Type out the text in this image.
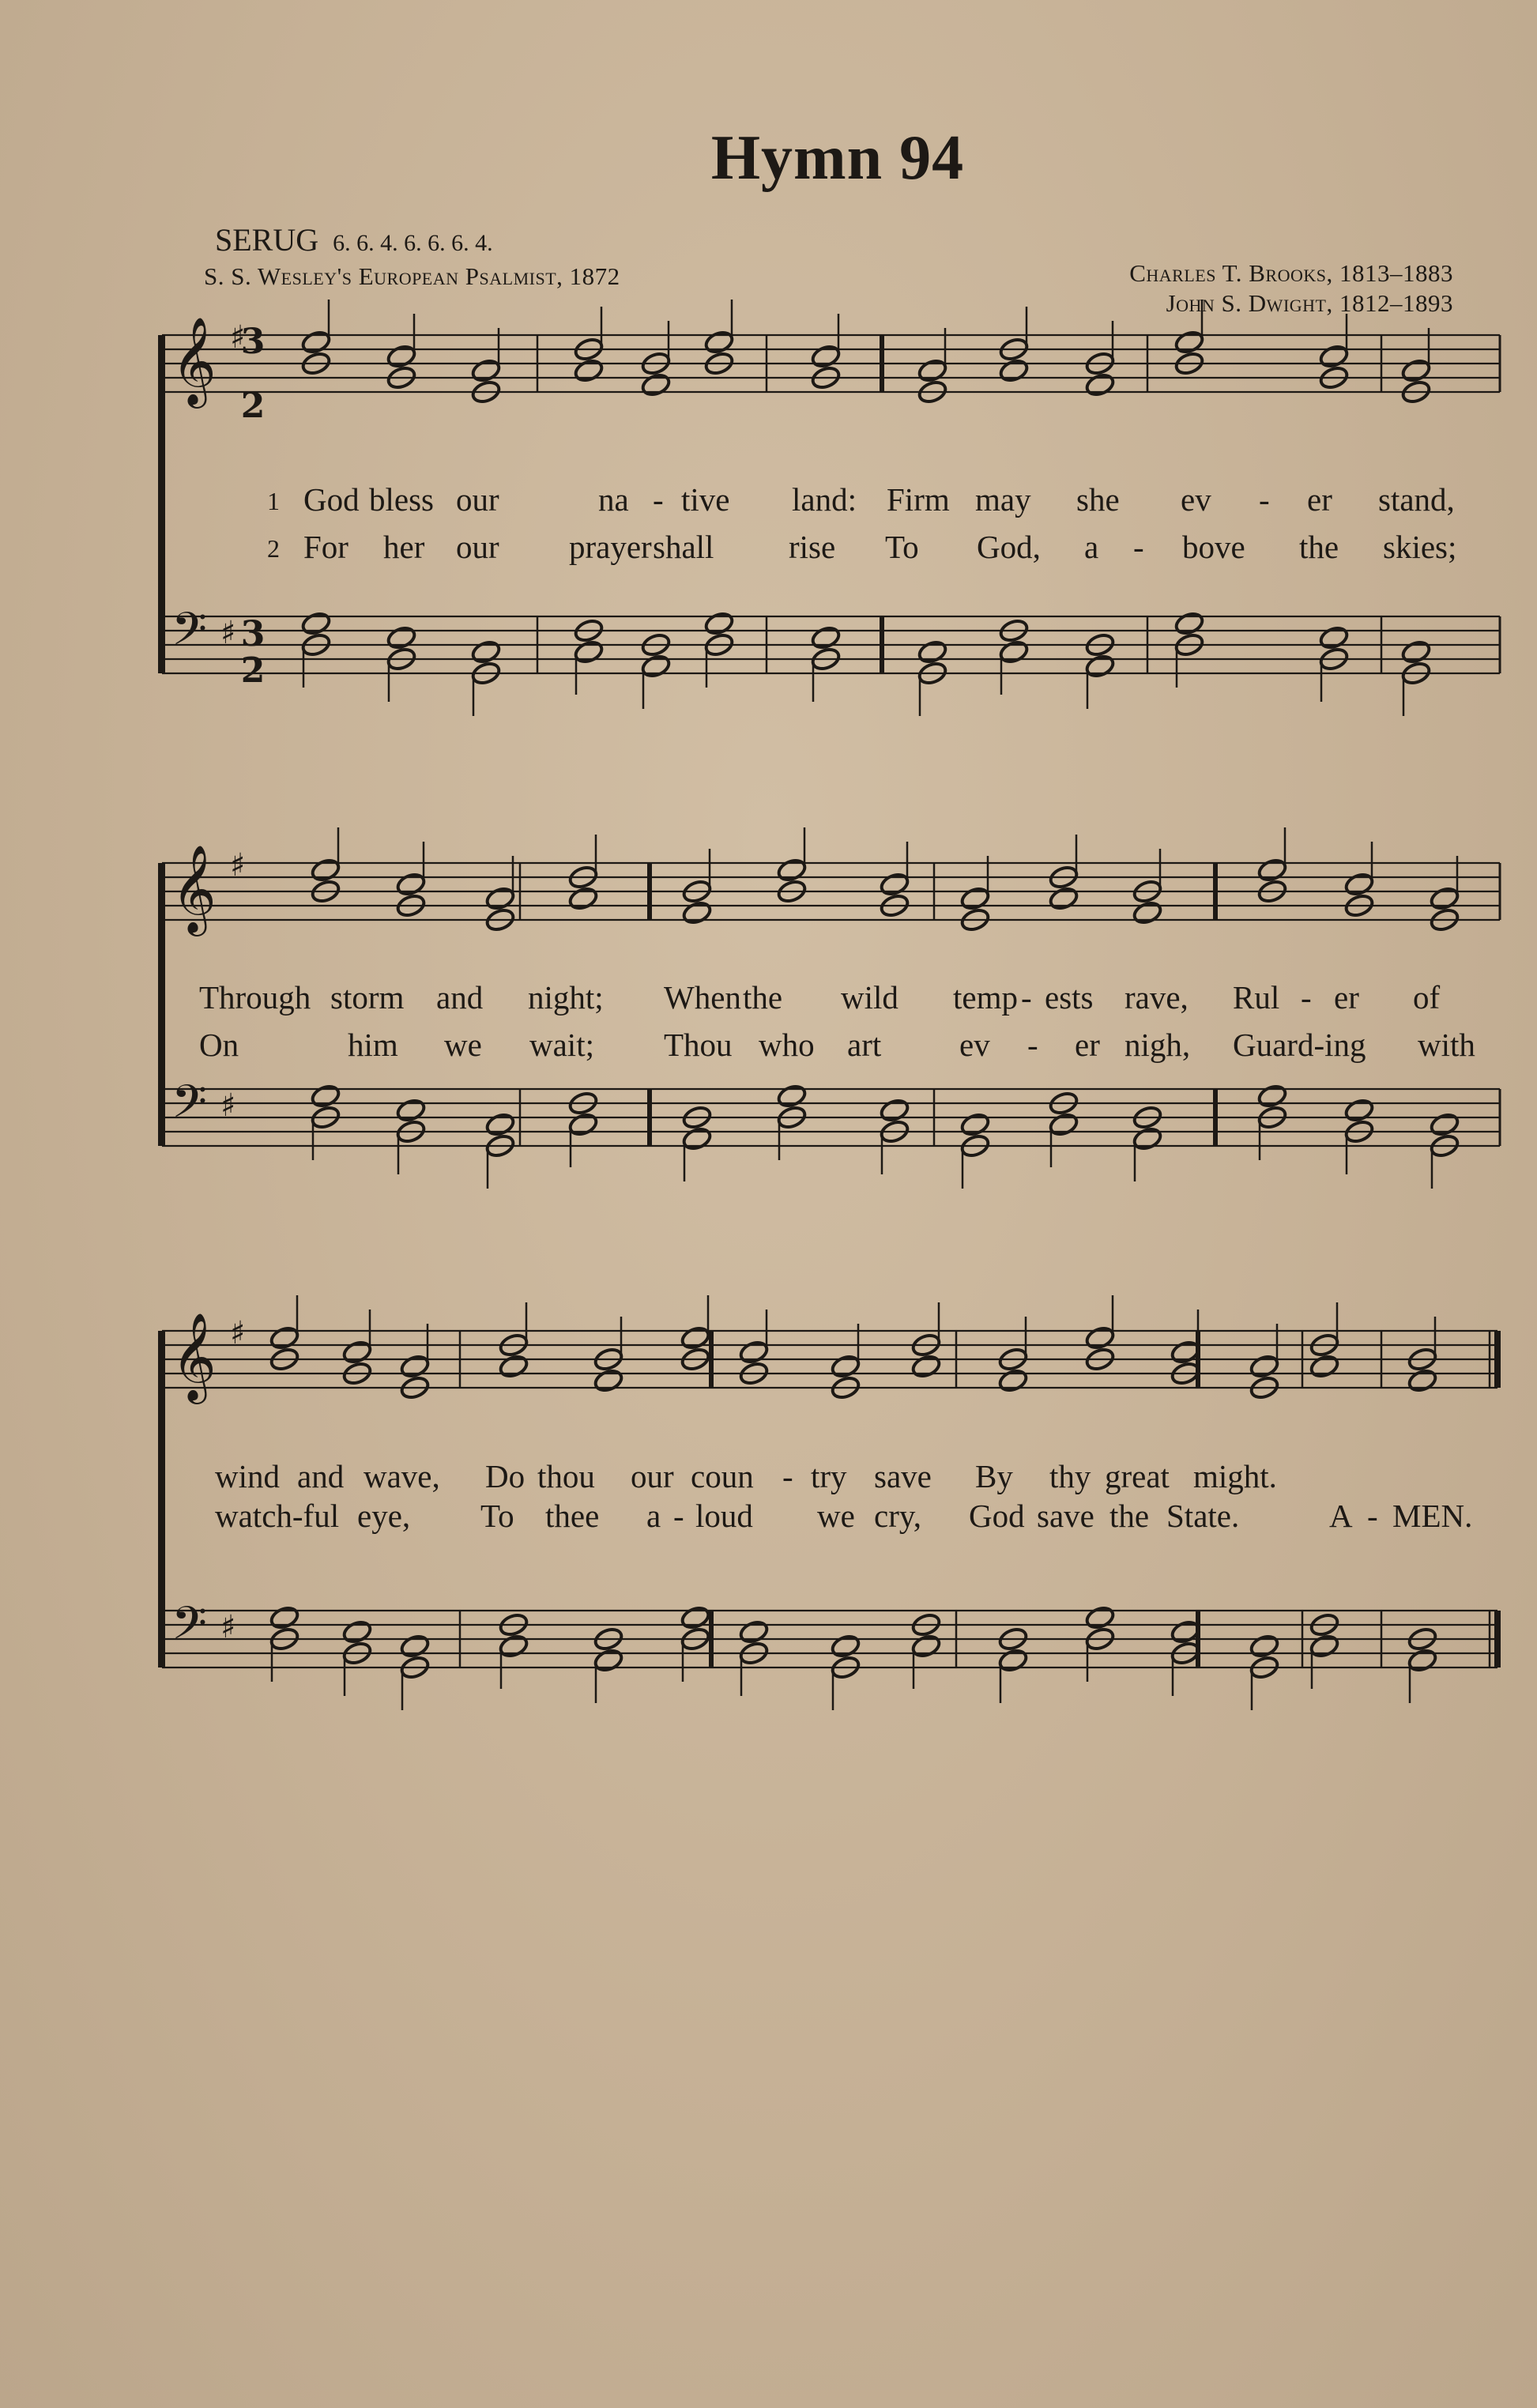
Hymn 94
SERUG 6. 6. 4. 6. 6. 6. 4.
S. S. Wesley's European Psalmist, 1872	Charles T. Brooks, 1813–1883
John S. Dwight, 1812–1893
𝄞 ♯
𝄢 ♯
𝄞 ♯
𝄢 ♯
𝄞 ♯
𝄢 ♯
3
2
3
2
1 God bless our	na - tive land: Firm may she ev - er stand,
2 For her our prayer shall rise To God, a - bove the skies;
Through storm and night; When the wild temp - ests rave, Rul - er of
On	him we wait; Thou who art ev - er nigh, Guard-ing with
wind and wave, Do thou our coun - try save By thy great might.
watch-ful eye, To thee a - loud we cry, God save the State.	A - MEN.
